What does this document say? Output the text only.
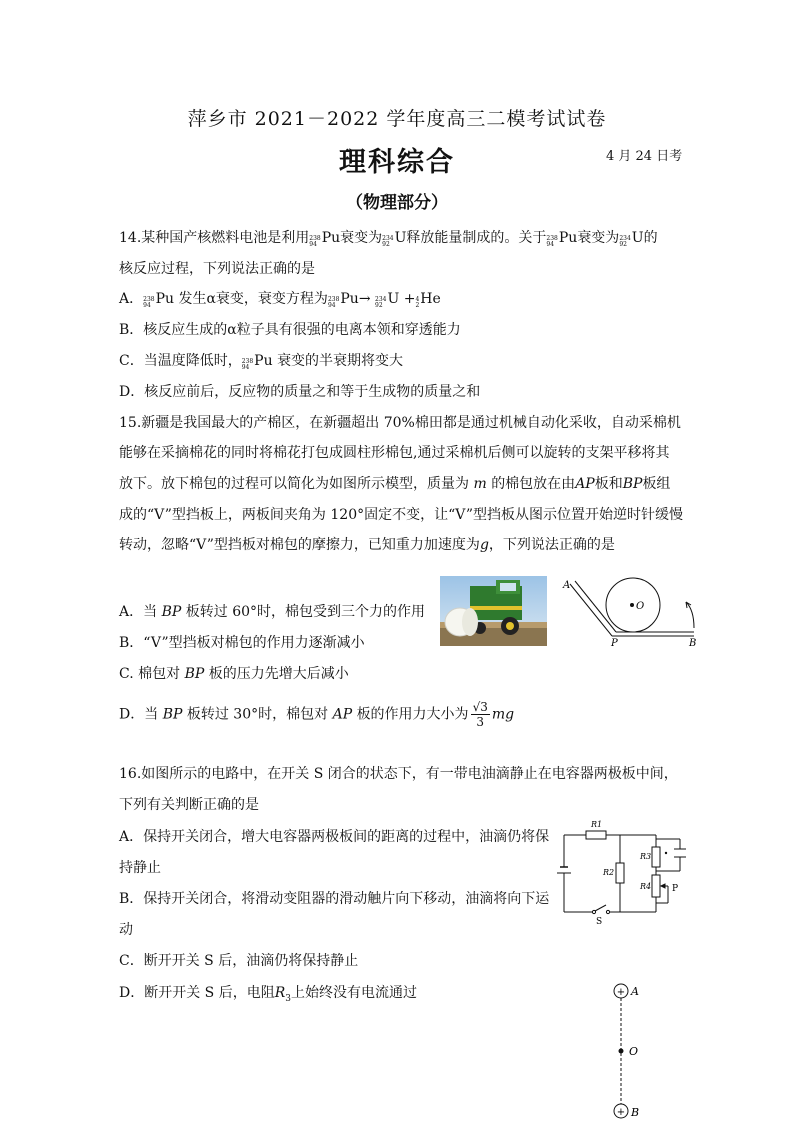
萍乡市 2021－2022 学年度高三二模考试试卷
理科综合	4 月 24 日考
（物理部分）
14.某种国产核燃料电池是利用 238
94 Pu衰变为 234
92 U释放能量制成的。关于 238
94 Pu衰变为 234
92 U的
核反应过程，下列说法正确的是
A． 238
94 Pu 发生α衰变，衰变方程为 238
94 Pu→ 234
92 U + 4
2 He
B．核反应生成的α粒子具有很强的电离本领和穿透能力
C．当温度降低时， 238
94 Pu 衰变的半衰期将变大
D．核反应前后，反应物的质量之和等于生成物的质量之和
15.新疆是我国最大的产棉区，在新疆超出 70%棉田都是通过机械自动化采收，自动采棉机
能够在采摘棉花的同时将棉花打包成圆柱形棉包,通过采棉机后侧可以旋转的支架平移将其
放下。放下棉包的过程可以简化为如图所示模型，质量为 m 的棉包放在由AP板和BP板组
成的“V”型挡板上，两板间夹角为 120°固定不变，让“V”型挡板从图示位置开始逆时针缓慢
转动，忽略“V”型挡板对棉包的摩擦力，已知重力加速度为g，下列说法正确的是
A
O
P	B
A．当 BP 板转过 60°时，棉包受到三个力的作用
B．“V”型挡板对棉包的作用力逐渐减小
C. 棉包对 BP 板的压力先增大后减小
D．当 BP 板转过 30°时，棉包对 AP 板的作用力大小为 $\frac{√3}{3}$ mg
16.如图所示的电路中，在开关 S 闭合的状态下，有一带电油滴静止在电容器两极板中间，
下列有关判断正确的是
A．保持开关闭合，增大电容器两极板间的距离的过程中，油滴仍将保
持静止
B．保持开关闭合，将滑动变阻器的滑动触片向下移动，油滴将向下运
动
C．断开开关 S 后，油滴仍将保持静止
D．断开开关 S 后，电阻$R_3$上始终没有电流通过
R1
R2
R3
R4 P
S
+ A
O
+ B
